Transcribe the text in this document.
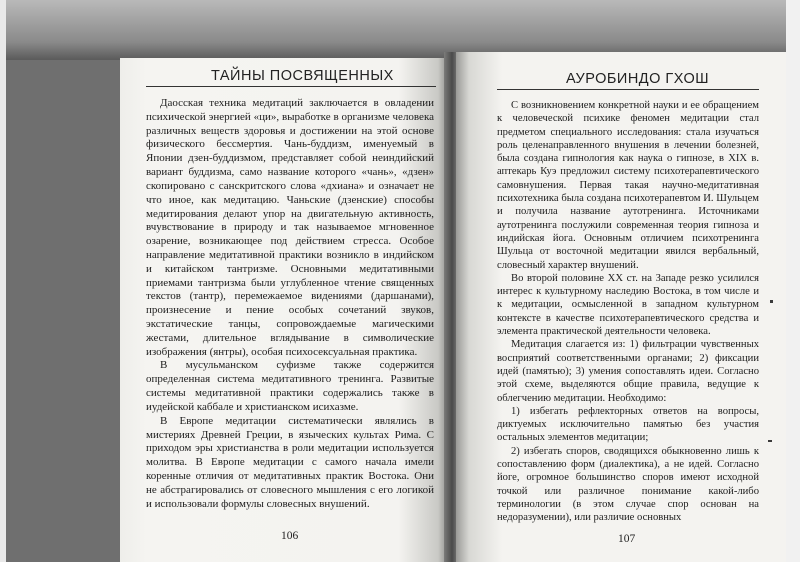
ТАЙНЫ ПОСВЯЩЕННЫХ

Даосская техника медитаций заключается в овладении психической энергией «ци», выработке в организме человека различных веществ здоровья и достижении на этой основе физического бессмертия. Чань-буддизм, именуемый в Японии дзен-буддизмом, представляет собой неиндийский вариант буддизма, само название которого «чань», «дзен» скопировано с санскритского слова «дхиана» и означает не что иное, как медитацию. Чаньские (дзенские) способы медитирования делают упор на двигательную активность, вчувствование в природу и так называемое мгновенное озарение, возникающее под действием стресса. Особое направление медитативной практики возникло в индийском и китайском тантризме. Основными медитативными приемами тантризма были углубленное чтение священных текстов (тантр), перемежаемое видениями (даршанами), произнесение и пение особых сочетаний звуков, экстатические танцы, сопровождаемые магическими жестами, длительное вглядывание в символические изображения (янтры), особая психосексуальная практика.

В мусульманском суфизме также содержится определенная система медитативного тренинга. Развитые системы медитативной практики содержались также в иудейской каббале и христианском исихазме.

В Европе медитации систематически являлись в мистериях Древней Греции, в языческих культах Рима. С приходом эры христианства в роли медитации используется молитва. В Европе медитации с самого начала имели коренные отличия от медитативных практик Востока. Они не абстрагировались от словесного мышления с его логикой и использовали формулы словесных внушений.

106
АУРОБИНДО ГХОШ

С возникновением конкретной науки и ее обращением к человеческой психике феномен медитации стал предметом специального исследования: стала изучаться роль целенаправленного внушения в лечении болезней, была создана гипнология как наука о гипнозе, в XIX в. аптекарь Куэ предложил систему психотерапевтического самовнушения. Первая такая научно-медитативная психотехника была создана психотерапевтом И. Шульцем и получила название аутотренинга. Источниками аутотренинга послужили современная теория гипноза и индийская йога. Основным отличием психотренинга Шульца от восточной медитации явился вербальный, словесный характер внушений.

Во второй половине XX ст. на Западе резко усилился интерес к культурному наследию Востока, в том числе и к медитации, осмысленной в западном культурном контексте в качестве психотерапевтического средства и элемента практической деятельности человека.

Медитация слагается из: 1) фильтрации чувственных восприятий соответственными органами; 2) фиксации идей (памятью); 3) умения сопоставлять идеи. Согласно этой схеме, выделяются общие правила, ведущие к облегчению медитации. Необходимо:

1) избегать рефлекторных ответов на вопросы, диктуемых исключительно памятью без участия остальных элементов медитации;

2) избегать споров, сводящихся обыкновенно лишь к сопоставлению форм (диалектика), а не идей. Согласно йоге, огромное большинство споров имеют исходной точкой или различное понимание какой-либо терминологии (в этом случае спор основан на недоразумении), или различие основных

107
